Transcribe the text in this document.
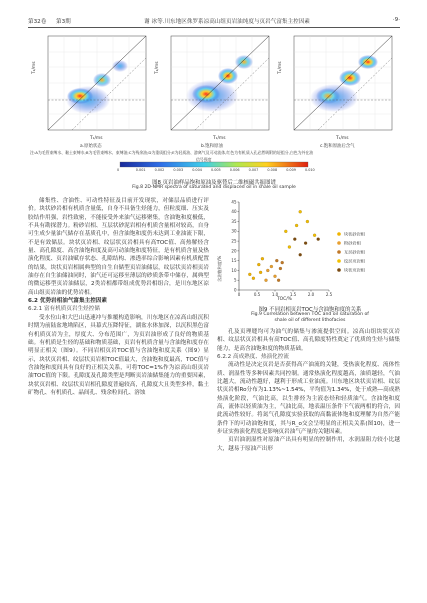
第32卷 第3期	谢 冰等.川东地区侏罗系凉高山组页岩油纯度与页岩气富集主控因素	·9·
T₂/ms
T₁/ms
a.原始状态
T₂/ms
T₁/ms
b.饱和原油
T₂/ms
T₁/ms
c.饱和原油后含气
注:A为毛管束缚水、黏土束缚水;B为毛管束缚水、束缚油;C为残余油;D为重质组分;E为轻质油、游离气及可动流体,红色为有机质入孔必然吸附的轻组分,白色为外在油
信号强度
0	0.001	0.002	0.003	0.004	0.005	0.006	0.007	0.008	0.009	0.010
图8 页岩油样品饱和原油及驱替后二维核磁共振图谱
Fig.8 2D-NMR spectra of saturated and displaced oil in shale oil sample
0	0.5	1.0	1.5	2.0	2.5
0
5
10
15
20
25
30
35
40
45
块状砂岩相
粉砂岩相
互层砂岩相
纹层页岩相
块状页岩相
含油饱和度/%
TOC/%
图9 不同岩相页岩TOC与含油饱和度的关系
Fig.9 Correlation between TOC and oil saturation of
shale oil of different lithofacies

储集性、含油性、可动性特征及目前开发现状，对储层品质进行评价。块状砂岩相有机质含量低，自身不具备生烃能力，但粒度细、压实及胶结作用强，岩性致密，不能接受外来油气运移聚集，含油饱和度极低，不具有勘探潜力。粉砂岩相、互层状砂泥岩相有机质含量相对较高，自身可生成少量油气储存在基质孔中，但含油饱和度仍未达到工业油流下限，不是有效储层。块状页岩相、纹层状页岩相具有高TOC值、高热解烃含量、高孔隙度、高含油饱和度及高可动油饱和度特征，是有机质含量及热演化程度、页岩油赋存状态、孔隙结构、渗透率综合影响因素有机质配置的结果，块状页岩相属典型的自生自储型页岩油储层，纹层状页岩相页岩油存在自生油储油同时，油气还可运移至薄层的砂质条带中储存，属典型的微运移型页岩油储层，2类岩相都带组成优势岩相组合，是川东地区凉高山组页岩油的优势岩相。

6.2 优势岩相油气富集主控因素

6.2.1 富有机质页岩生烃控储

受水位山和大巴山迅速冲与推覆构造影响，川东地区在凉高山组沉积时期为前陆盆地坳陷区，具幕式压降特征，湖盆水体加深，以沉积黑色富有机质页岩为主，厚度大、分布范围广，为页岩油形成了良好的物质基础。有机质是生烃的基础和物质基础，页岩有机质含量与含油饱和度存在明显正相关（图9）。不同岩相页岩TOC值与含油饱和度关系（图9）显示，块状页岩相、纹层状页岩相TOC值最大，含油饱和度最高，TOC值与含油饱和度间具有良好的正相关关系，可将TOC=1%作为凉高山组页岩油TOC值的下限。孔隙度及孔隙类型是判断页岩油储集能力的重要因素，块状页岩相、纹层状页岩相孔隙度普遍较高，孔隙度大且类型多样，黏土矿物孔、有机质孔、晶间孔、残余粒间孔、溶蚀

孔及页理缝均可为油气的储集与渗流提供空间。凉高山组块状页岩相、纹层状页岩相具有高TOC值、高孔隙度特性奠定了优质的生烃与储集能力，是高含油饱和度的物质基础。

6.2.2 高成熟度、热演化控流

流动性是决定页岩是否获得高产油流的关键，受热演化程度、流体性质、润湿性等多种因素共同控制。通常热演化程度越高，油质越轻，气油比越大，流动性越好，越利于形成工业油流。川东地区块状页岩相、纹层状页岩相Ro分布为1.13%~1.54%，平均值为1.34%，处于成熟—高成熟热演化阶段，气油比高，以生排烃为主液态烃和轻质油气。含油饱和度高，流体以轻质油为主，气油比高，地表温压条件下气液两相的符合，因此流动性较好。将氮气孔隙度实验获取的高黏流体饱和度理解为自然产能条件下的可动油饱和度，其与R_o交会呈明显的正相关关系(图10)，进一步证实热演化程度是影响页岩油气产量的关键因素。

页岩油润湿性对原油产出具有明显的控制作用，水润湿阻力较小比越大，越易于原油产出形
